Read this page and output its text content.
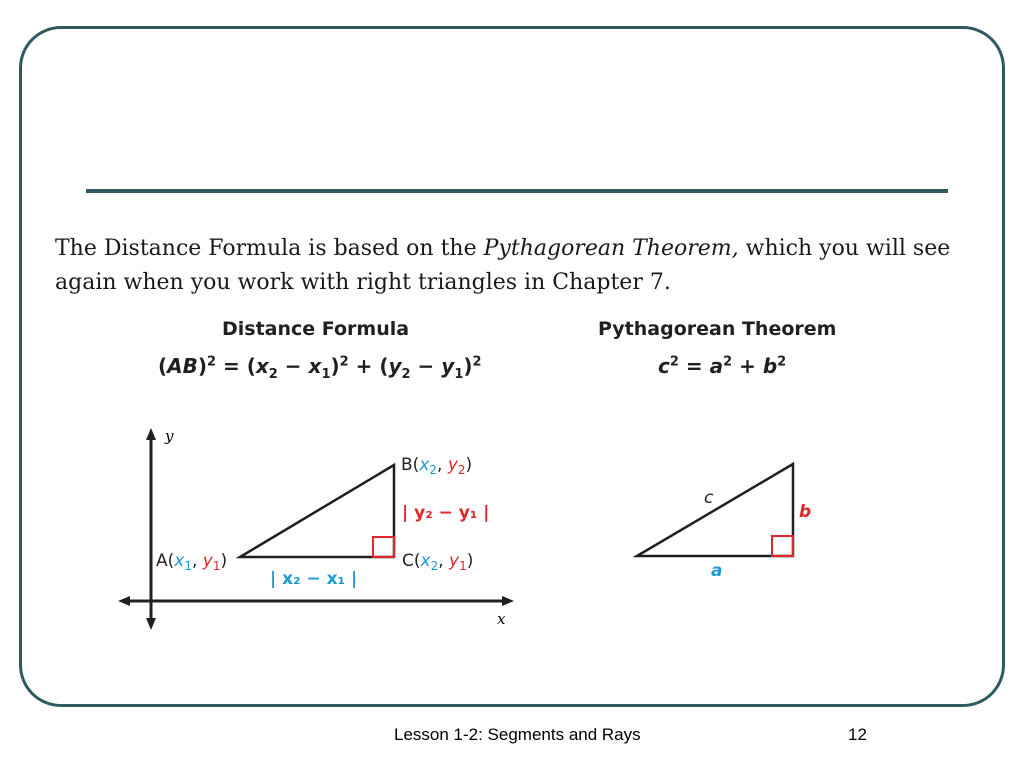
The Distance Formula is based on the Pythagorean Theorem, which you will see again when you work with right triangles in Chapter 7.

Distance Formula	Pythagorean Theorem
$(AB)^2 = (x_2 - x_1)^2 + (y_2 - y_1)^2$	$c^2 = a^2 + b^2$
y
x
$A(x_1$, $y_1$)
$B(x_2$, $y_2$)
$C(x_2$, $y_1$)
| x₂ − x₁ |
| y₂ − y₁ |
c
a
b
Lesson 1-2: Segments and Rays	12
